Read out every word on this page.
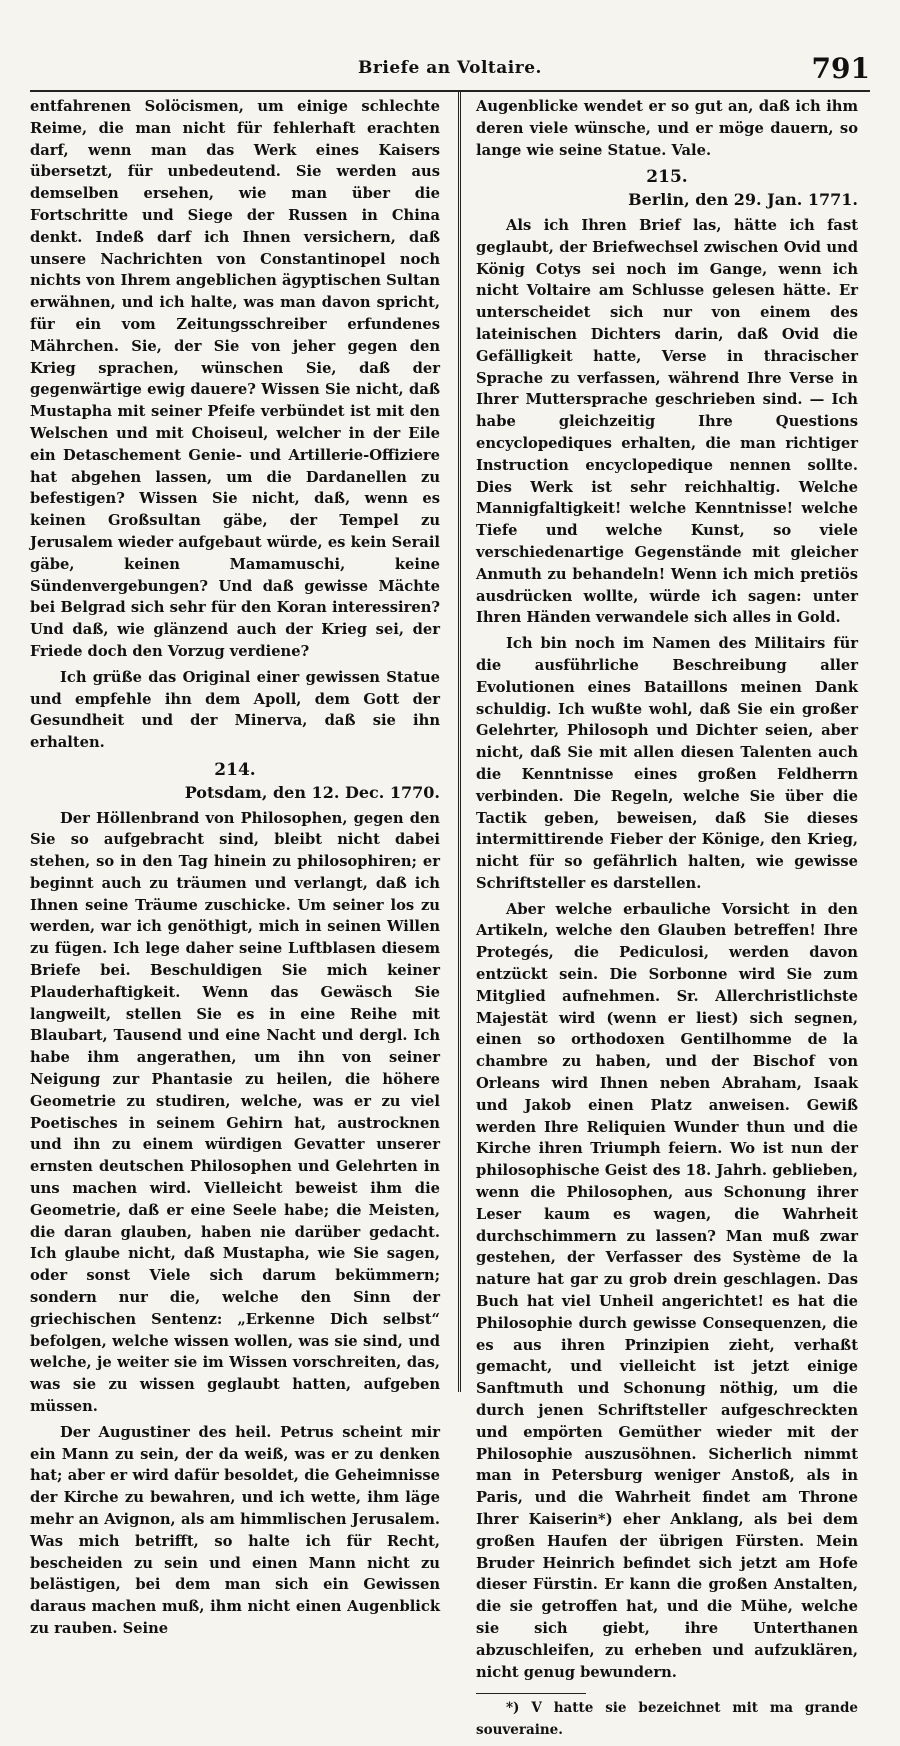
Briefe an Voltaire.	791

entfahrenen Solöcismen, um einige schlechte Reime, die man nicht für fehlerhaft erachten darf, wenn man das Werk eines Kaisers übersetzt, für unbedeutend. Sie werden aus demselben ersehen, wie man über die Fortschritte und Siege der Russen in China denkt. Indeß darf ich Ihnen versichern, daß unsere Nachrichten von Constantinopel noch nichts von Ihrem angeblichen ägyptischen Sultan erwähnen, und ich halte, was man davon spricht, für ein vom Zeitungsschreiber erfundenes Mährchen. Sie, der Sie von jeher gegen den Krieg sprachen, wünschen Sie, daß der gegenwärtige ewig dauere? Wissen Sie nicht, daß Mustapha mit seiner Pfeife verbündet ist mit den Welschen und mit Choiseul, welcher in der Eile ein Detaschement Genie- und Artillerie-Offiziere hat abgehen lassen, um die Dardanellen zu befestigen? Wissen Sie nicht, daß, wenn es keinen Großsultan gäbe, der Tempel zu Jerusalem wieder aufgebaut würde, es kein Serail gäbe, keinen Mamamuschi, keine Sündenvergebungen? Und daß gewisse Mächte bei Belgrad sich sehr für den Koran interessiren? Und daß, wie glänzend auch der Krieg sei, der Friede doch den Vorzug verdiene?

Ich grüße das Original einer gewissen Statue und empfehle ihn dem Apoll, dem Gott der Gesundheit und der Minerva, daß sie ihn erhalten.

214.
Potsdam, den 12. Dec. 1770.

Der Höllenbrand von Philosophen, gegen den Sie so aufgebracht sind, bleibt nicht dabei stehen, so in den Tag hinein zu philosophiren; er beginnt auch zu träumen und verlangt, daß ich Ihnen seine Träume zuschicke. Um seiner los zu werden, war ich genöthigt, mich in seinen Willen zu fügen. Ich lege daher seine Luftblasen diesem Briefe bei. Beschuldigen Sie mich keiner Plauderhaftigkeit. Wenn das Gewäsch Sie langweilt, stellen Sie es in eine Reihe mit Blaubart, Tausend und eine Nacht und dergl. Ich habe ihm angerathen, um ihn von seiner Neigung zur Phantasie zu heilen, die höhere Geometrie zu studiren, welche, was er zu viel Poetisches in seinem Gehirn hat, austrocknen und ihn zu einem würdigen Gevatter unserer ernsten deutschen Philosophen und Gelehrten in uns machen wird. Vielleicht beweist ihm die Geometrie, daß er eine Seele habe; die Meisten, die daran glauben, haben nie darüber gedacht. Ich glaube nicht, daß Mustapha, wie Sie sagen, oder sonst Viele sich darum bekümmern; sondern nur die, welche den Sinn der griechischen Sentenz: „Erkenne Dich selbst“ befolgen, welche wissen wollen, was sie sind, und welche, je weiter sie im Wissen vorschreiten, das, was sie zu wissen geglaubt hatten, aufgeben müssen.

Der Augustiner des heil. Petrus scheint mir ein Mann zu sein, der da weiß, was er zu denken hat; aber er wird dafür besoldet, die Geheimnisse der Kirche zu bewahren, und ich wette, ihm läge mehr an Avignon, als am himmlischen Jerusalem. Was mich betrifft, so halte ich für Recht, bescheiden zu sein und einen Mann nicht zu belästigen, bei dem man sich ein Gewissen daraus machen muß, ihm nicht einen Augenblick zu rauben. Seine

Augenblicke wendet er so gut an, daß ich ihm deren viele wünsche, und er möge dauern, so lange wie seine Statue. Vale.

215.
Berlin, den 29. Jan. 1771.

Als ich Ihren Brief las, hätte ich fast geglaubt, der Briefwechsel zwischen Ovid und König Cotys sei noch im Gange, wenn ich nicht Voltaire am Schlusse gelesen hätte. Er unterscheidet sich nur von einem des lateinischen Dichters darin, daß Ovid die Gefälligkeit hatte, Verse in thracischer Sprache zu verfassen, während Ihre Verse in Ihrer Muttersprache geschrieben sind. — Ich habe gleichzeitig Ihre Questions encyclopediques erhalten, die man richtiger Instruction encyclopedique nennen sollte. Dies Werk ist sehr reichhaltig. Welche Mannigfaltigkeit! welche Kenntnisse! welche Tiefe und welche Kunst, so viele verschiedenartige Gegenstände mit gleicher Anmuth zu behandeln! Wenn ich mich pretiös ausdrücken wollte, würde ich sagen: unter Ihren Händen verwandele sich alles in Gold.

Ich bin noch im Namen des Militairs für die ausführliche Beschreibung aller Evolutionen eines Bataillons meinen Dank schuldig. Ich wußte wohl, daß Sie ein großer Gelehrter, Philosoph und Dichter seien, aber nicht, daß Sie mit allen diesen Talenten auch die Kenntnisse eines großen Feldherrn verbinden. Die Regeln, welche Sie über die Tactik geben, beweisen, daß Sie dieses intermittirende Fieber der Könige, den Krieg, nicht für so gefährlich halten, wie gewisse Schriftsteller es darstellen.

Aber welche erbauliche Vorsicht in den Artikeln, welche den Glauben betreffen! Ihre Protegés, die Pediculosi, werden davon entzückt sein. Die Sorbonne wird Sie zum Mitglied aufnehmen. Sr. Allerchristlichste Majestät wird (wenn er liest) sich segnen, einen so orthodoxen Gentilhomme de la chambre zu haben, und der Bischof von Orleans wird Ihnen neben Abraham, Isaak und Jakob einen Platz anweisen. Gewiß werden Ihre Reliquien Wunder thun und die Kirche ihren Triumph feiern. Wo ist nun der philosophische Geist des 18. Jahrh. geblieben, wenn die Philosophen, aus Schonung ihrer Leser kaum es wagen, die Wahrheit durchschimmern zu lassen? Man muß zwar gestehen, der Verfasser des Système de la nature hat gar zu grob drein geschlagen. Das Buch hat viel Unheil angerichtet! es hat die Philosophie durch gewisse Consequenzen, die es aus ihren Prinzipien zieht, verhaßt gemacht, und vielleicht ist jetzt einige Sanftmuth und Schonung nöthig, um die durch jenen Schriftsteller aufgeschreckten und empörten Gemüther wieder mit der Philosophie auszusöhnen. Sicherlich nimmt man in Petersburg weniger Anstoß, als in Paris, und die Wahrheit findet am Throne Ihrer Kaiserin*) eher Anklang, als bei dem großen Haufen der übrigen Fürsten. Mein Bruder Heinrich befindet sich jetzt am Hofe dieser Fürstin. Er kann die großen Anstalten, die sie getroffen hat, und die Mühe, welche sie sich giebt, ihre Unterthanen abzuschleifen, zu erheben und aufzuklären, nicht genug bewundern.

*) V hatte sie bezeichnet mit ma grande souveraine.
